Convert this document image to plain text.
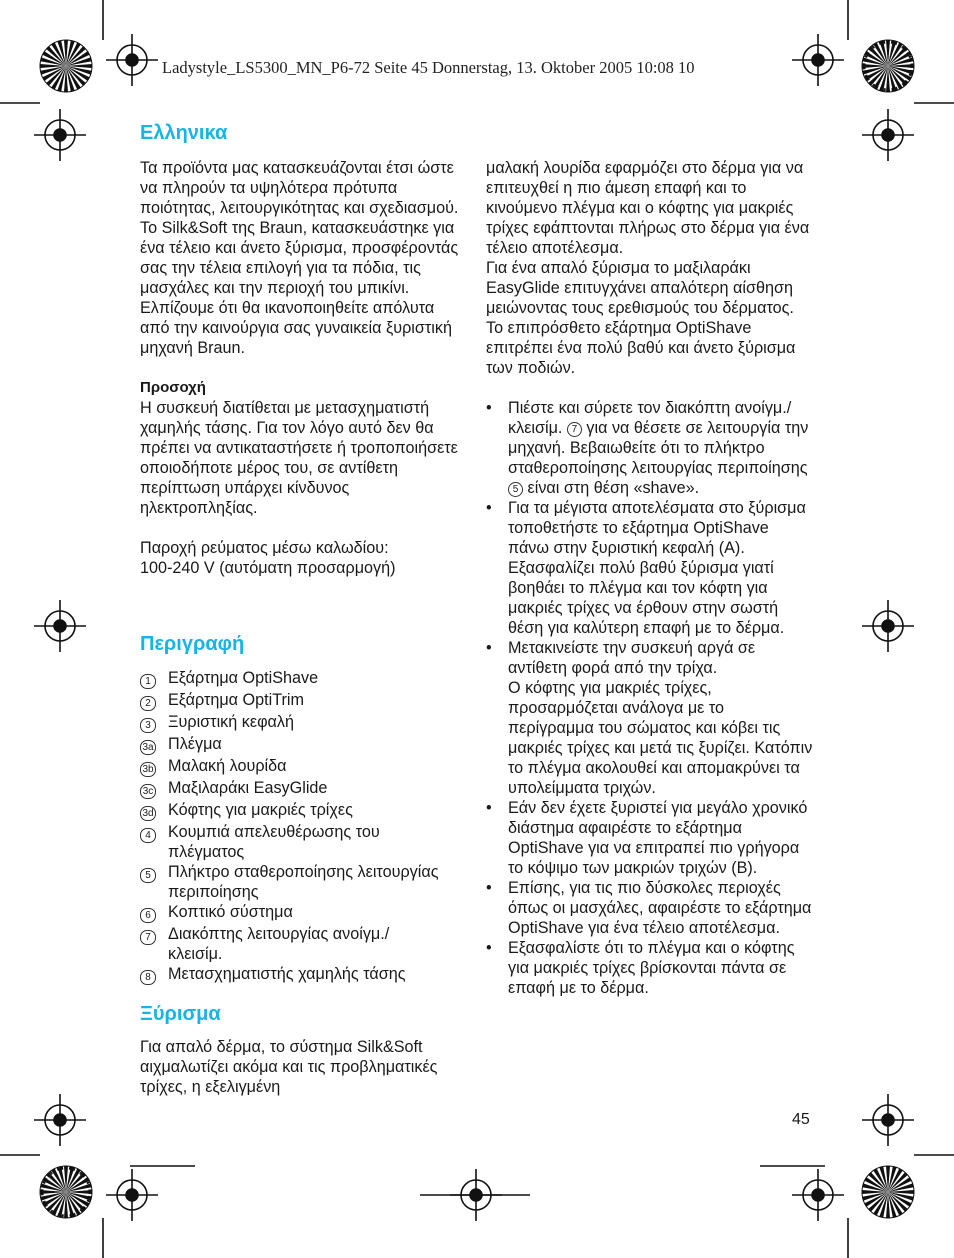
Ladystyle_LS5300_MN_P6-72 Seite 45 Donnerstag, 13. Oktober 2005 10:08 10
Ελληνικα

Τα προϊόντα μας κατασκευάζονται έτσι ώστε να πληρούν τα υψηλότερα πρότυπα ποιότητας, λειτουργικότητας και σχεδιασμού. Το Silk&Soft της Braun, κατασκευάστηκε για ένα τέλειο και άνετο ξύρισμα, προσφέροντάς σας την τέλεια επιλογή για τα πόδια, τις μασχάλες και την περιοχή του μπικίνι. Ελπίζουμε ότι θα ικανοποιηθείτε απόλυτα από την καινούργια σας γυναικεία ξυριστική μηχανή Braun.

Προσοχή

Η συσκευή διατίθεται με μετασχηματιστή χαμηλής τάσης. Για τον λόγο αυτό δεν θα πρέπει να αντικαταστήσετε ή τροποποιήσετε οποιοδήποτε μέρος του, σε αντίθετη περίπτωση υπάρχει κίνδυνος ηλεκτροπληξίας.

Παροχή ρεύματος μέσω καλωδίου:

100-240 V (αυτόματη προσαρμογή)

Περιγραφή
1	Εξάρτημα OptiShave
2	Εξάρτημα OptiTrim
3	Ξυριστική κεφαλή
3a Πλέγμα
3b Μαλακή λουρίδα
3c Μαξιλαράκι EasyGlide
3d Κόφτης για μακριές τρίχες
4	Κουμπιά απελευθέρωσης του πλέγματος
5	Πλήκτρο σταθεροποίησης λειτουργίας περιποίησης
6	Κοπτικό σύστημα
7	Διακόπτης λειτουργίας ανοίγμ./κλεισίμ.
8	Μετασχηματιστής χαμηλής τάσης
Ξύρισμα

Για απαλό δέρμα, το σύστημα Silk&Soft αιχμαλωτίζει ακόμα και τις προβληματικές τρίχες, η εξελιγμένη

μαλακή λουρίδα εφαρμόζει στο δέρμα για να επιτευχθεί η πιο άμεση επαφή και το κινούμενο πλέγμα και ο κόφτης για μακριές τρίχες εφάπτονται πλήρως στο δέρμα για ένα τέλειο αποτέλεσμα.

Για ένα απαλό ξύρισμα το μαξιλαράκι EasyGlide επιτυγχάνει απαλότερη αίσθηση μειώνοντας τους ερεθισμούς του δέρματος.

Το επιπρόσθετο εξάρτημα OptiShave επιτρέπει ένα πολύ βαθύ και άνετο ξύρισμα των ποδιών.

•	Πιέστε και σύρετε τον διακόπτη ανοίγμ./κλεισίμ. 7 για να θέσετε σε λειτουργία την μηχανή. Βεβαιωθείτε ότι το πλήκτρο σταθεροποίησης λειτουργίας περιποίησης 5 είναι στη θέση «shave».
•	Για τα μέγιστα αποτελέσματα στο ξύρισμα τοποθετήστε το εξάρτημα OptiShave πάνω στην ξυριστική κεφαλή (A). Εξασφαλίζει πολύ βαθύ ξύρισμα γιατί βοηθάει το πλέγμα και τον κόφτη για μακριές τρίχες να έρθουν στην σωστή θέση για καλύτερη επαφή με το δέρμα.
•	Μετακινείστε την συσκευή αργά σε αντίθετη φορά από την τρίχα.
Ο κόφτης για μακριές τρίχες, προσαρμόζεται ανάλογα με το περίγραμμα του σώματος και κόβει τις μακριές τρίχες και μετά τις ξυρίζει. Κατόπιν το πλέγμα ακολουθεί και απομακρύνει τα υπολείμματα τριχών.
•	Εάν δεν έχετε ξυριστεί για μεγάλο χρονικό διάστημα αφαιρέστε το εξάρτημα OptiShave για να επιτραπεί πιο γρήγορα το κόψιμο των μακριών τριχών (B).
•	Επίσης, για τις πιο δύσκολες περιοχές όπως οι μασχάλες, αφαιρέστε το εξάρτημα OptiShave για ένα τέλειο αποτέλεσμα.
•	Εξασφαλίστε ότι το πλέγμα και ο κόφτης για μακριές τρίχες βρίσκονται πάντα σε επαφή με το δέρμα.
45
